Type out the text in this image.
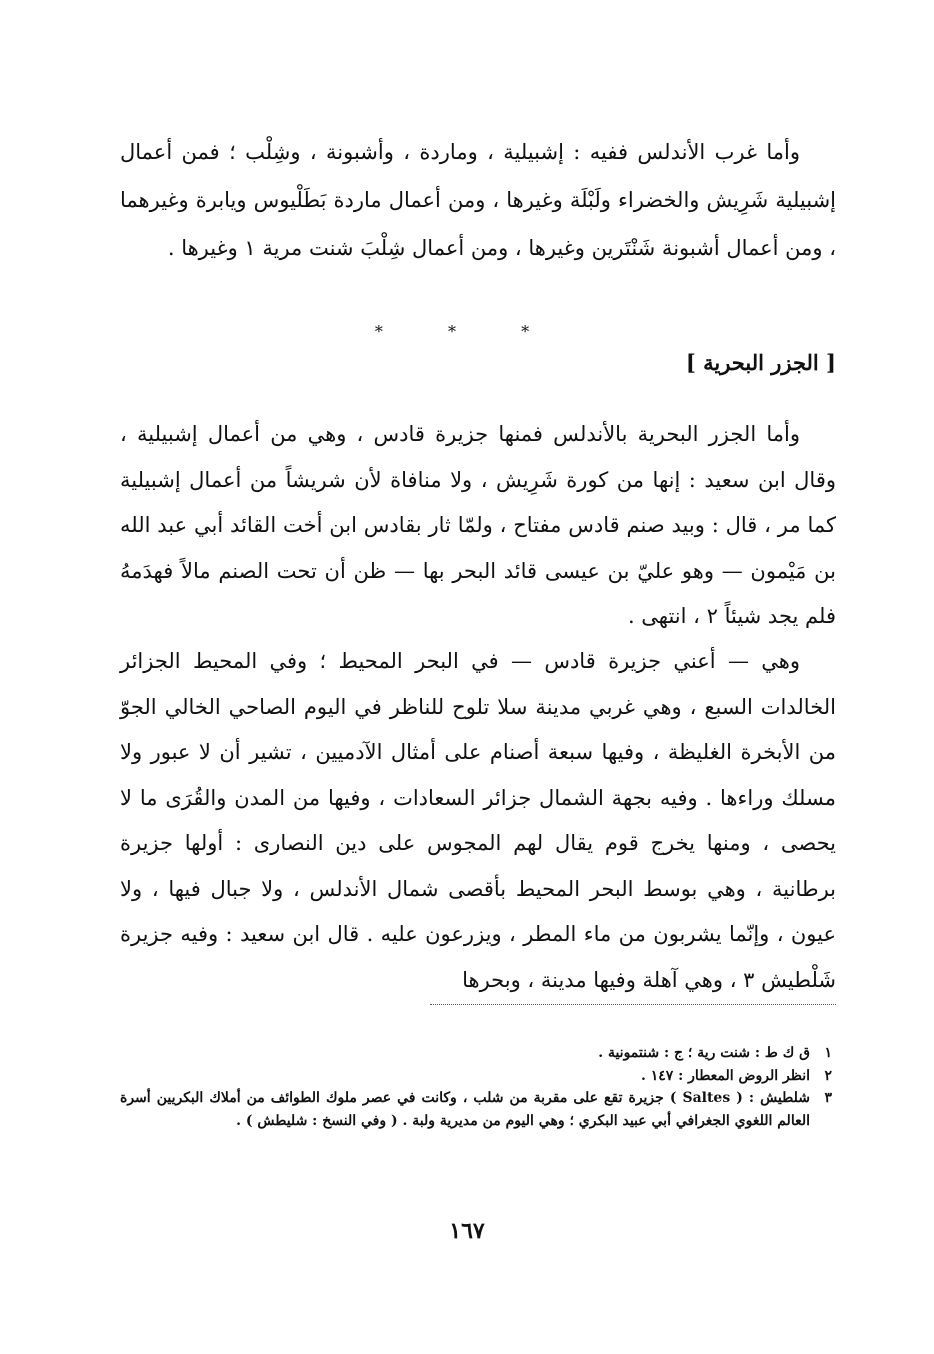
وأما غرب الأندلس ففيه : إشبيلية ، وماردة ، وأشبونة ، وشِلْب ؛ فمن أعمال إشبيلية شَرِيش والخضراء ولَبْلَة وغيرها ، ومن أعمال ماردة بَطَلْيوس ويابرة وغيرهما ، ومن أعمال أشبونة شَنْتَرين وغيرها ، ومن أعمال شِلْبَ شنت مرية ١ وغيرها .

* * *
[ الجزر البحرية ]

وأما الجزر البحرية بالأندلس فمنها جزيرة قادس ، وهي من أعمال إشبيلية ، وقال ابن سعيد : إنها من كورة شَرِيش ، ولا منافاة لأن شريشاً من أعمال إشبيلية كما مر ، قال : وبيد صنم قادس مفتاح ، ولمّا ثار بقادس ابن أخت القائد أبي عبد الله بن مَيْمون — وهو عليّ بن عيسى قائد البحر بها — ظن أن تحت الصنم مالاً فهدَمهُ فلم يجد شيئاً ٢ ، انتهى .

وهي — أعني جزيرة قادس — في البحر المحيط ؛ وفي المحيط الجزائر الخالدات السبع ، وهي غربي مدينة سلا تلوح للناظر في اليوم الصاحي الخالي الجوّ من الأبخرة الغليظة ، وفيها سبعة أصنام على أمثال الآدميين ، تشير أن لا عبور ولا مسلك وراءها . وفيه بجهة الشمال جزائر السعادات ، وفيها من المدن والقُرَى ما لا يحصى ، ومنها يخرج قوم يقال لهم المجوس على دين النصارى : أولها جزيرة برطانية ، وهي بوسط البحر المحيط بأقصى شمال الأندلس ، ولا جبال فيها ، ولا عيون ، وإنّما يشربون من ماء المطر ، ويزرعون عليه . قال ابن سعيد : وفيه جزيرة شَلْطيش ٣ ، وهي آهلة وفيها مدينة ، وبحرها

١
ق ك ط : شنت رية ؛ ج : شنتمونية .

٢
انظر الروض المعطار : ١٤٧ .

٣
شلطيش : ( Saltes ) جزيرة تقع على مقربة من شلب ، وكانت في عصر ملوك الطوائف من أملاك البكريين أسرة العالم اللغوي الجغرافي أبي عبيد البكري ؛ وهي اليوم من مديرية ولبة . ( وفي النسخ : شليطش ) .

١٦٧
